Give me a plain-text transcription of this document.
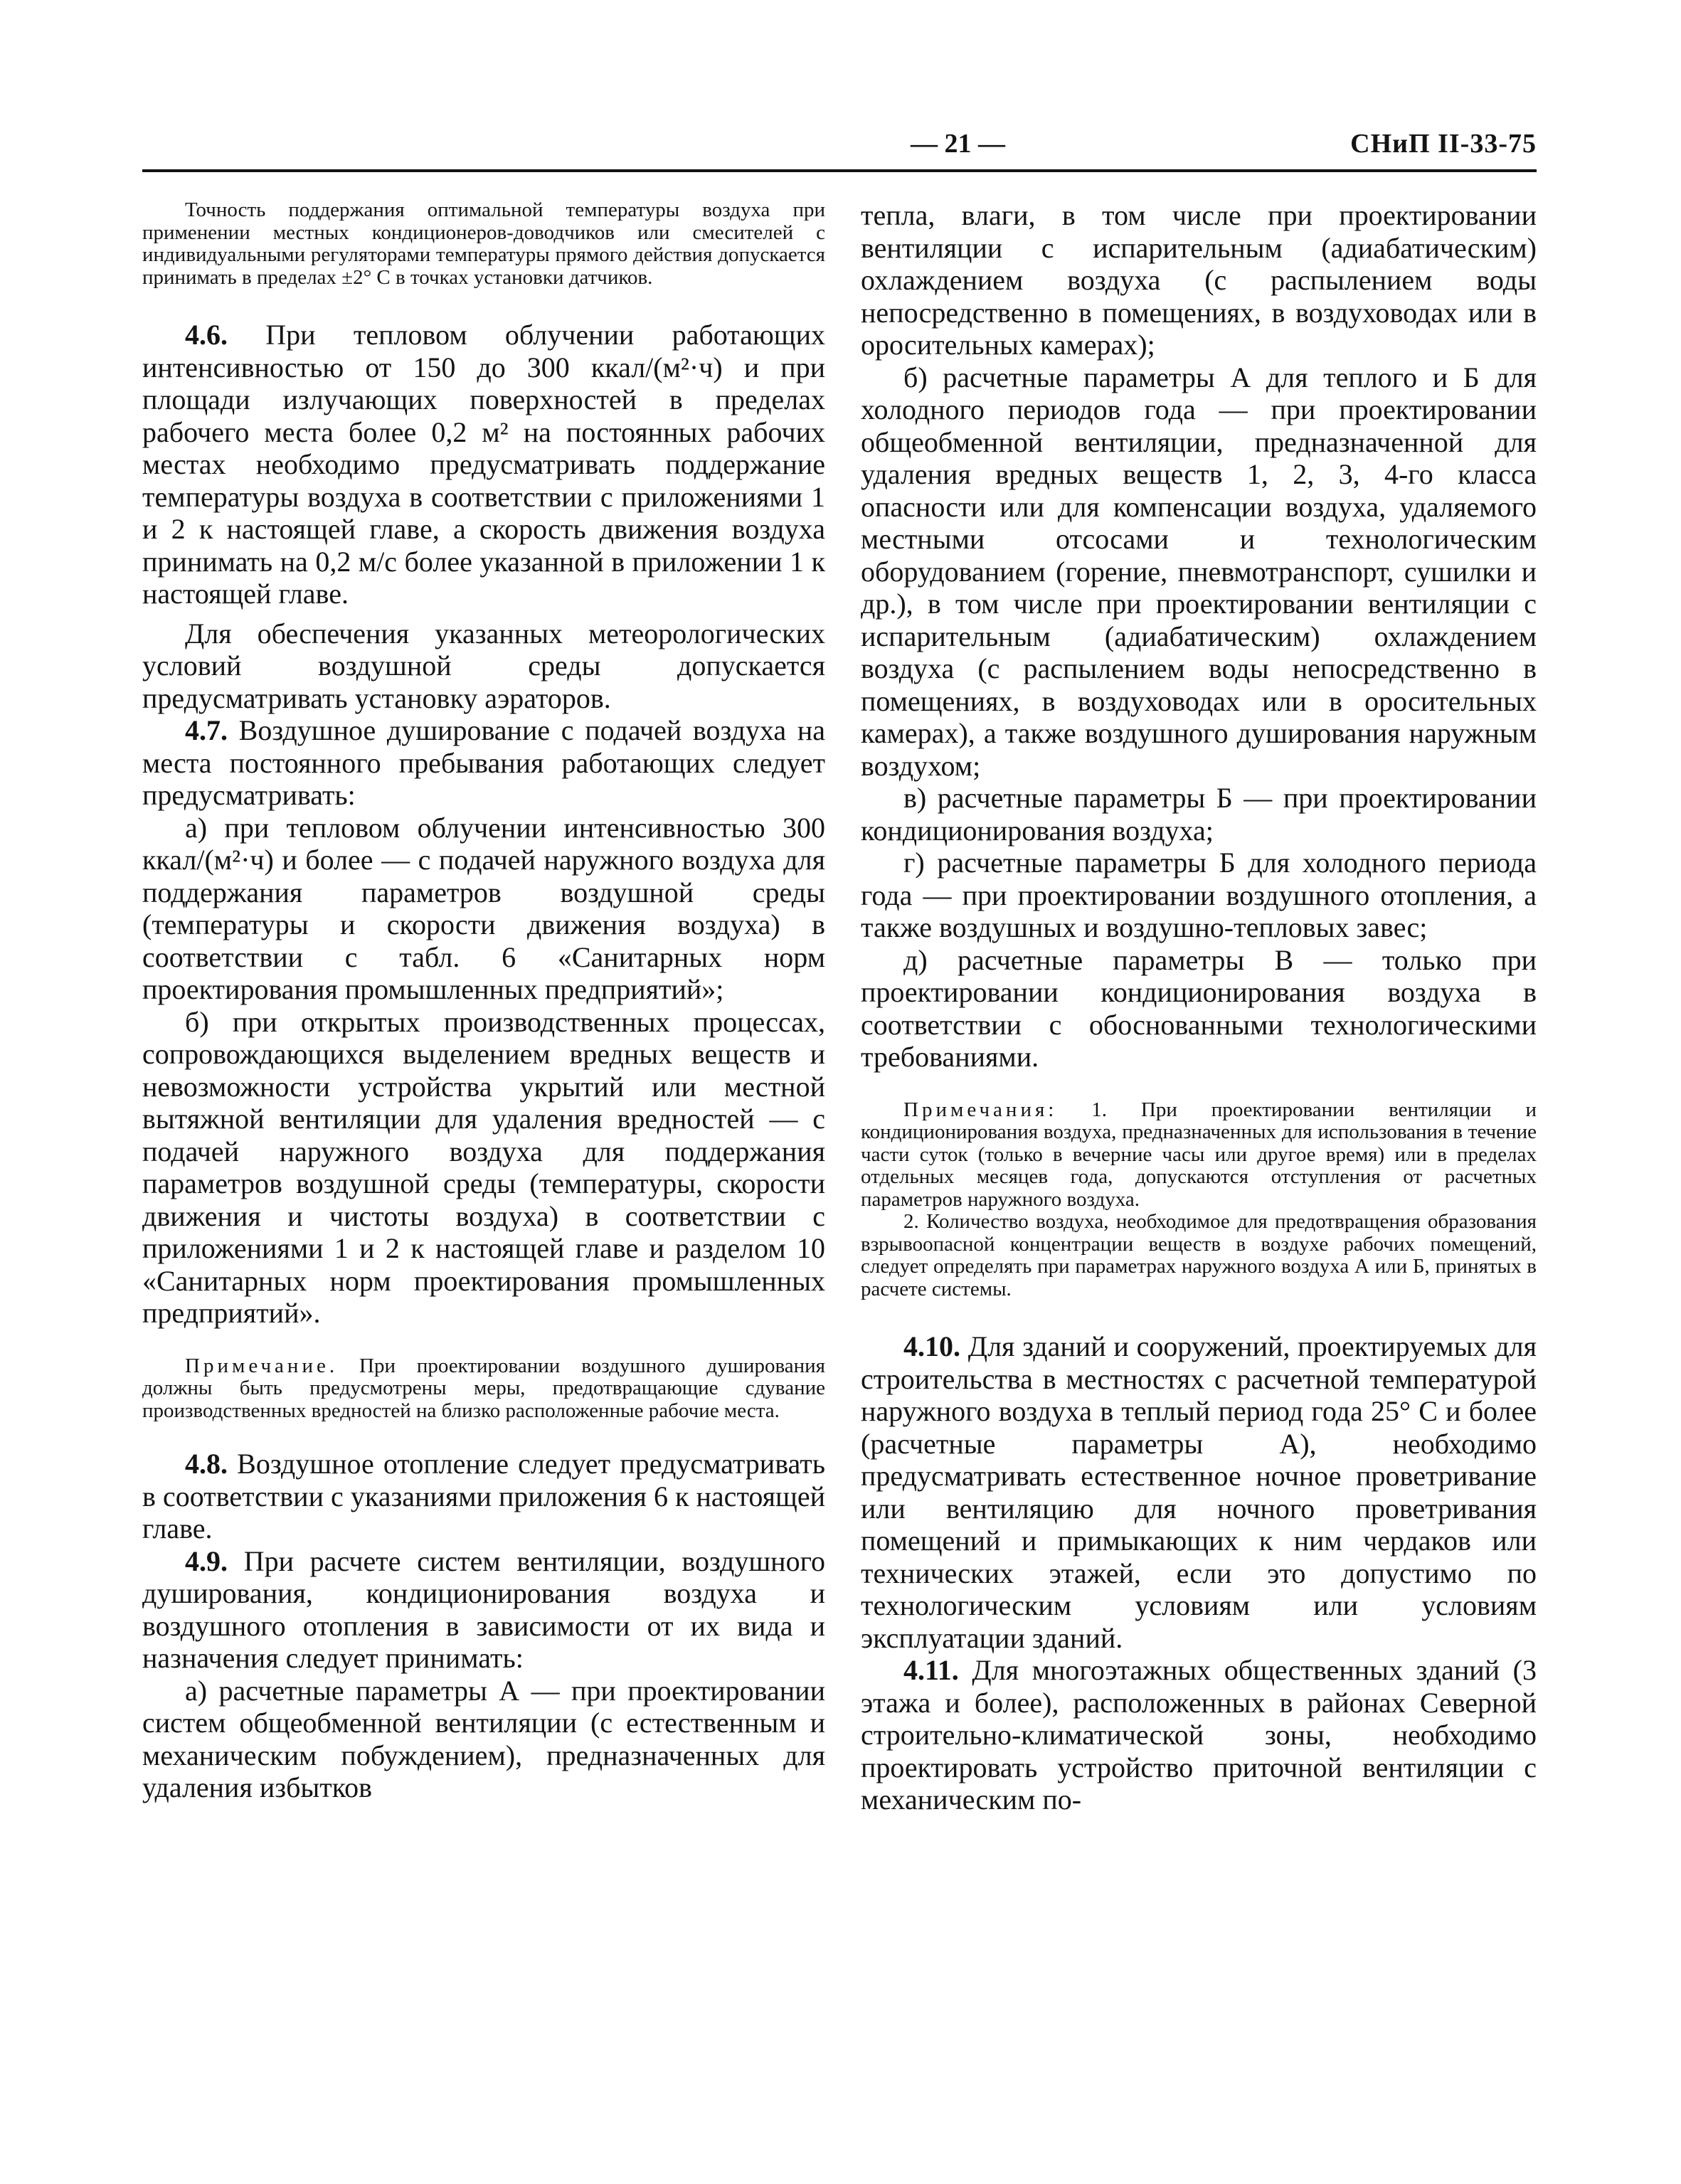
— 21 —	СНиП II-33-75

Точность поддержания оптимальной температуры воздуха при применении местных кондиционеров-доводчиков или смесителей с индивидуальными регуляторами температуры прямого действия допускается принимать в пределах ±2° С в точках установки датчиков.

4.6. При тепловом облучении работающих интенсивностью от 150 до 300 ккал/(м²·ч) и при площади излучающих поверхностей в пределах рабочего места более 0,2 м² на постоянных рабочих местах необходимо предусматривать поддержание температуры воздуха в соответствии с приложениями 1 и 2 к настоящей главе, а скорость движения воздуха принимать на 0,2 м/с более указанной в приложении 1 к настоящей главе.

Для обеспечения указанных метеорологических условий воздушной среды допускается предусматривать установку аэраторов.

4.7. Воздушное душирование с подачей воздуха на места постоянного пребывания работающих следует предусматривать:

а) при тепловом облучении интенсивностью 300 ккал/(м²·ч) и более — с подачей наружного воздуха для поддержания параметров воздушной среды (температуры и скорости движения воздуха) в соответствии с табл. 6 «Санитарных норм проектирования промышленных предприятий»;

б) при открытых производственных процессах, сопровождающихся выделением вредных веществ и невозможности устройства укрытий или местной вытяжной вентиляции для удаления вредностей — с подачей наружного воздуха для поддержания параметров воздушной среды (температуры, скорости движения и чистоты воздуха) в соответствии с приложениями 1 и 2 к настоящей главе и разделом 10 «Санитарных норм проектирования промышленных предприятий».

Примечание. При проектировании воздушного душирования должны быть предусмотрены меры, предотвращающие сдувание производственных вредностей на близко расположенные рабочие места.

4.8. Воздушное отопление следует предусматривать в соответствии с указаниями приложения 6 к настоящей главе.

4.9. При расчете систем вентиляции, воздушного душирования, кондиционирования воздуха и воздушного отопления в зависимости от их вида и назначения следует принимать:

а) расчетные параметры А — при проектировании систем общеобменной вентиляции (с естественным и механическим побуждением), предназначенных для удаления избытков

тепла, влаги, в том числе при проектировании вентиляции с испарительным (адиабатическим) охлаждением воздуха (с распылением воды непосредственно в помещениях, в воздуховодах или в оросительных камерах);

б) расчетные параметры А для теплого и Б для холодного периодов года — при проектировании общеобменной вентиляции, предназначенной для удаления вредных веществ 1, 2, 3, 4-го класса опасности или для компенсации воздуха, удаляемого местными отсосами и технологическим оборудованием (горение, пневмотранспорт, сушилки и др.), в том числе при проектировании вентиляции с испарительным (адиабатическим) охлаждением воздуха (с распылением воды непосредственно в помещениях, в воздуховодах или в оросительных камерах), а также воздушного душирования наружным воздухом;

в) расчетные параметры Б — при проектировании кондиционирования воздуха;

г) расчетные параметры Б для холодного периода года — при проектировании воздушного отопления, а также воздушных и воздушно-тепловых завес;

д) расчетные параметры В — только при проектировании кондиционирования воздуха в соответствии с обоснованными технологическими требованиями.

Примечания: 1. При проектировании вентиляции и кондиционирования воздуха, предназначенных для использования в течение части суток (только в вечерние часы или другое время) или в пределах отдельных месяцев года, допускаются отступления от расчетных параметров наружного воздуха.

2. Количество воздуха, необходимое для предотвращения образования взрывоопасной концентрации веществ в воздухе рабочих помещений, следует определять при параметрах наружного воздуха А или Б, принятых в расчете системы.

4.10. Для зданий и сооружений, проектируемых для строительства в местностях с расчетной температурой наружного воздуха в теплый период года 25° С и более (расчетные параметры А), необходимо предусматривать естественное ночное проветривание или вентиляцию для ночного проветривания помещений и примыкающих к ним чердаков или технических этажей, если это допустимо по технологическим условиям или условиям эксплуатации зданий.

4.11. Для многоэтажных общественных зданий (3 этажа и более), расположенных в районах Северной строительно-климатической зоны, необходимо проектировать устройство приточной вентиляции с механическим по-
